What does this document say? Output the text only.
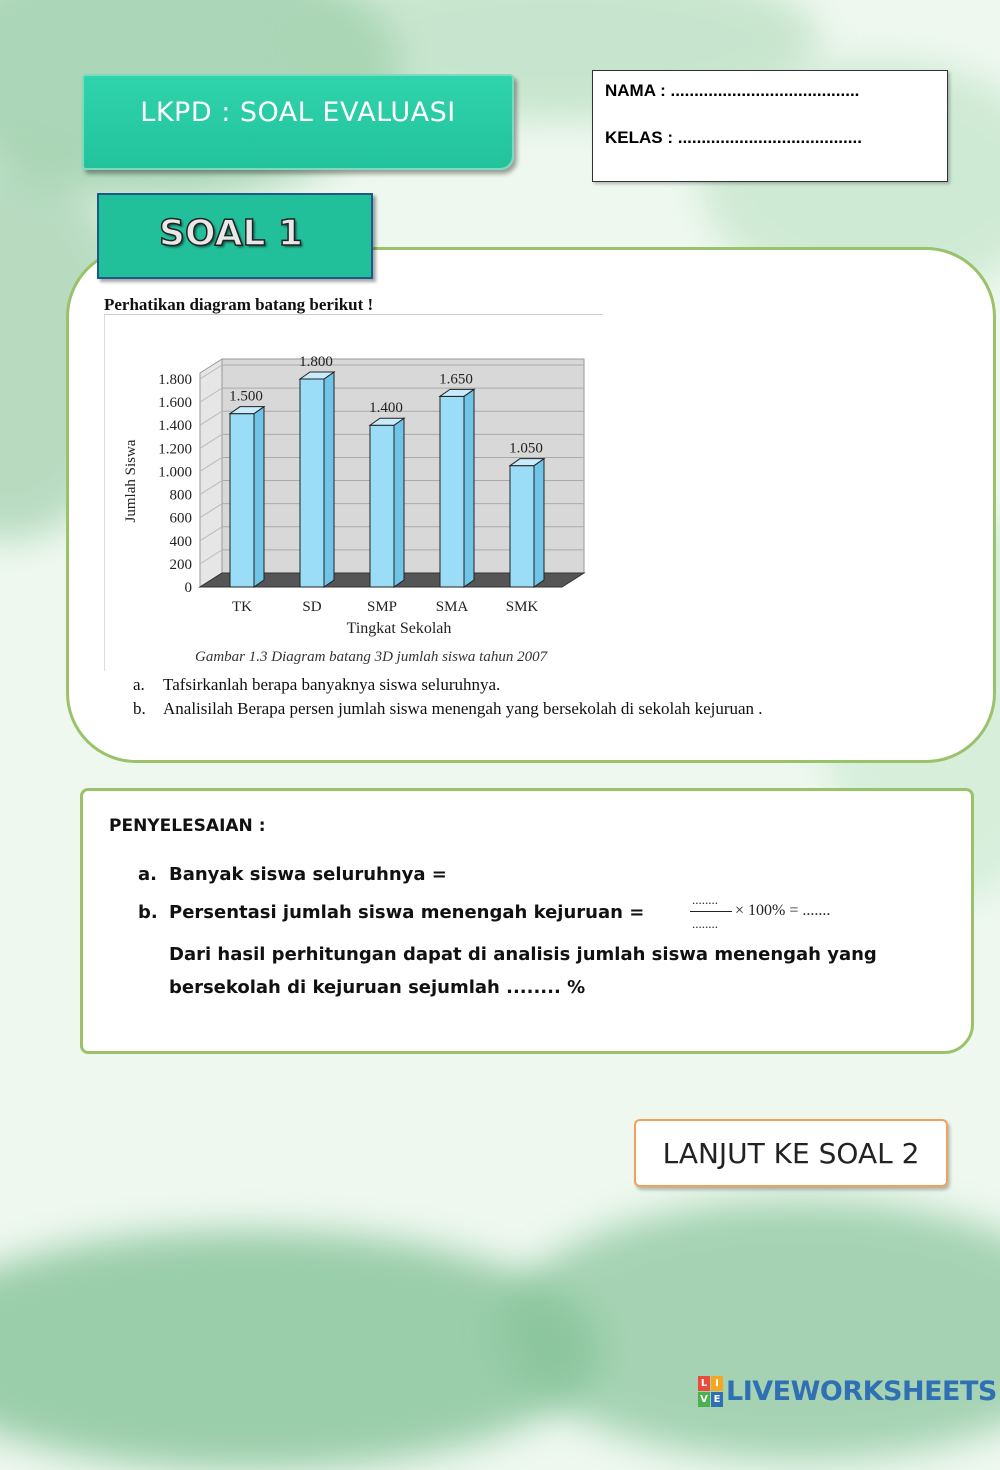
LKPD : SOAL EVALUASI
NAMA : ........................................
KELAS : .......................................
SOAL 1
Perhatikan diagram batang berikut !
0
200
400
600
800
1.000
1.200
1.400
1.600
1.800
1.500
1.800
1.400
1.650
1.050
TK	SD	SMP	SMA SMK
Jumlah Siswa
Tingkat Sekolah
Gambar 1.3 Diagram batang 3D jumlah siswa tahun 2007
a. Tafsirkanlah berapa banyaknya siswa seluruhnya.
b. Analisilah Berapa persen jumlah siswa menengah yang bersekolah di sekolah kejuruan .
PENYELESAIAN :
a. Banyak siswa seluruhnya =
b. Persentasi jumlah siswa menengah kejuruan =
........
........
× 100% = .......
Dari hasil perhitungan dapat di analisis jumlah siswa menengah yang
bersekolah di kejuruan sejumlah ........ %
LANJUT KE SOAL 2
L I
V E LIVEWORKSHEETS
